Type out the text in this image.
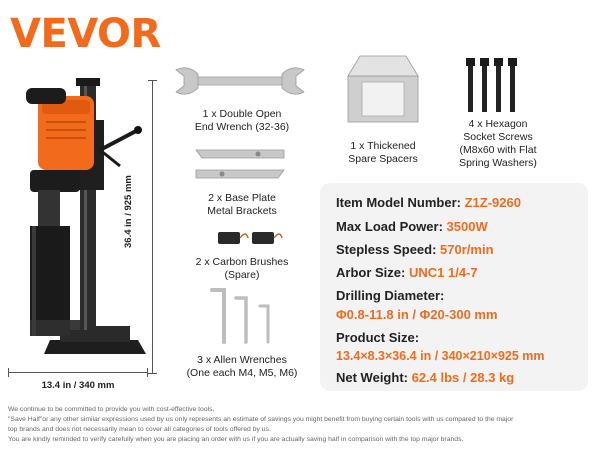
VEVOR
36.4 in / 925 mm
13.4 in / 340 mm
1 x Double Open
End Wrench (32-36)
2 x Base Plate
Metal Brackets
2 x Carbon Brushes
(Spare)
3 x Allen Wrenches
(One each M4, M5, M6)
1 x Thickened
Spare Spacers
4 x Hexagon
Socket Screws
(M8x60 with Flat
Spring Washers)
Item Model Number: Z1Z-9260
Max Load Power: 3500W
Stepless Speed: 570r/min
Arbor Size: UNC1 1/4-7
Drilling Diameter:
Φ0.8-11.8 in / Φ20-300 mm
Product Size:
13.4×8.3×36.4 in / 340×210×925 mm
Net Weight: 62.4 lbs / 28.3 kg
We continue to be committed to provide you with cost-effective tools.
"Save Half"or any other similar expressions used by us only represents an estimate of savings you might benefit from buying certain tools with us compared to the major
top brands and does not necessarily mean to cover all categories of tools offered by us.
You are kindly reminded to verify carefully when you are placing an order with us if you are actually saving half in comparison with the top major brands.
